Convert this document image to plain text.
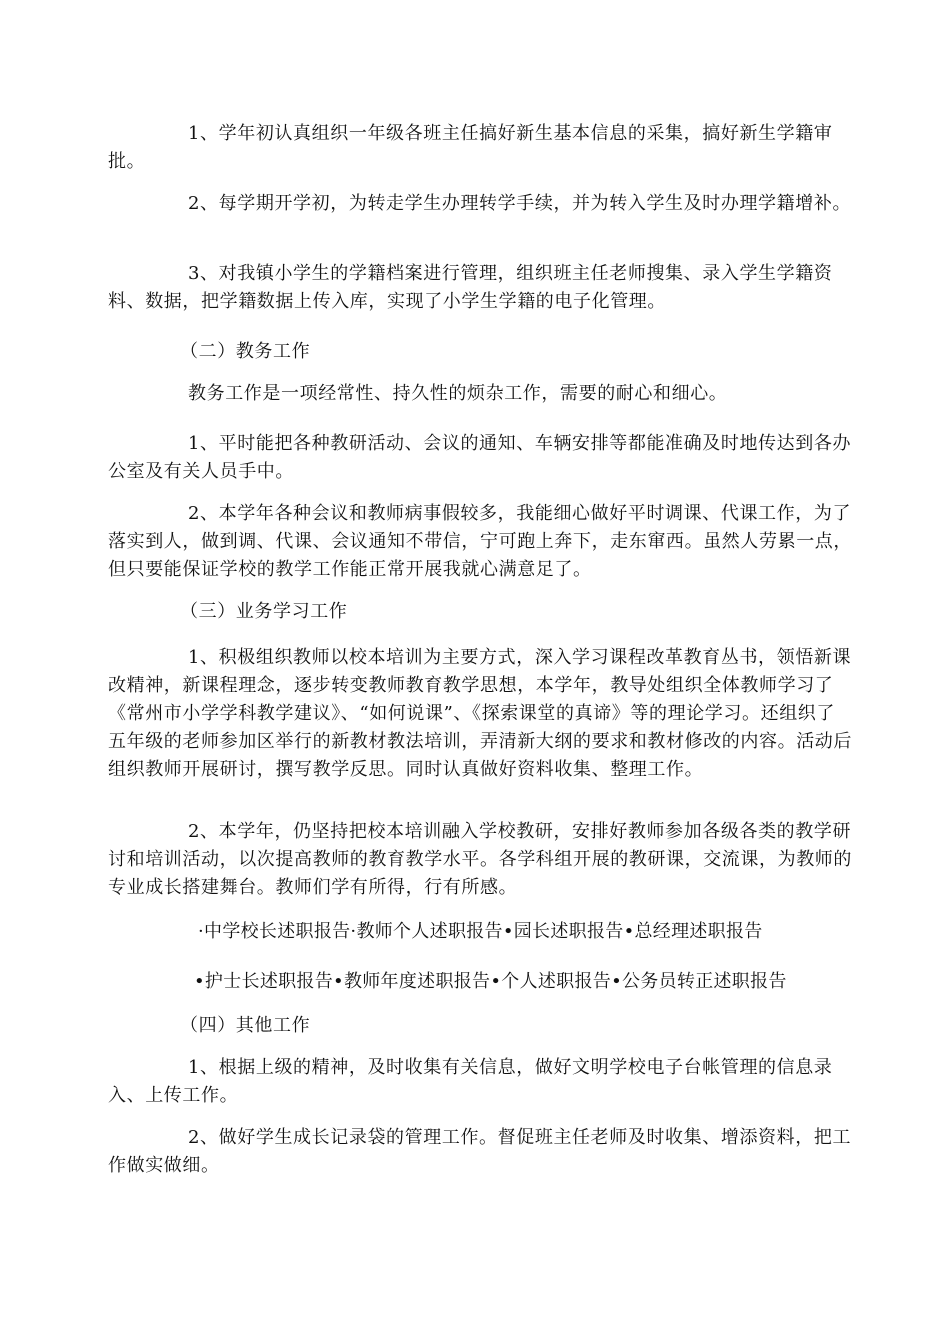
1、学年初认真组织一年级各班主任搞好新生基本信息的采集，搞好新生学籍审批。

2、每学期开学初，为转走学生办理转学手续，并为转入学生及时办理学籍增补。

3、对我镇小学生的学籍档案进行管理，组织班主任老师搜集、录入学生学籍资料、数据，把学籍数据上传入库，实现了小学生学籍的电子化管理。

（二）教务工作

教务工作是一项经常性、持久性的烦杂工作，需要的耐心和细心。

1、平时能把各种教研活动、会议的通知、车辆安排等都能准确及时地传达到各办公室及有关人员手中。

2、本学年各种会议和教师病事假较多，我能细心做好平时调课、代课工作，为了落实到人，做到调、代课、会议通知不带信，宁可跑上奔下，走东窜西。虽然人劳累一点，但只要能保证学校的教学工作能正常开展我就心满意足了。

（三）业务学习工作

1、积极组织教师以校本培训为主要方式，深入学习课程改革教育丛书，领悟新课改精神，新课程理念，逐步转变教师教育教学思想，本学年，教导处组织全体教师学习了《常州市小学学科教学建议》、“如何说课”、《探索课堂的真谛》等的理论学习。还组织了五年级的老师参加区举行的新教材教法培训，弄清新大纲的要求和教材修改的内容。活动后组织教师开展研讨，撰写教学反思。同时认真做好资料收集、整理工作。

2、本学年，仍坚持把校本培训融入学校教研，安排好教师参加各级各类的教学研讨和培训活动，以次提高教师的教育教学水平。各学科组开展的教研课，交流课，为教师的专业成长搭建舞台。教师们学有所得，行有所感。

·中学校长述职报告·教师个人述职报告•园长述职报告•总经理述职报告
•护士长述职报告•教师年度述职报告•个人述职报告•公务员转正述职报告

（四）其他工作

1、根据上级的精神，及时收集有关信息，做好文明学校电子台帐管理的信息录入、上传工作。

2、做好学生成长记录袋的管理工作。督促班主任老师及时收集、增添资料，把工作做实做细。
